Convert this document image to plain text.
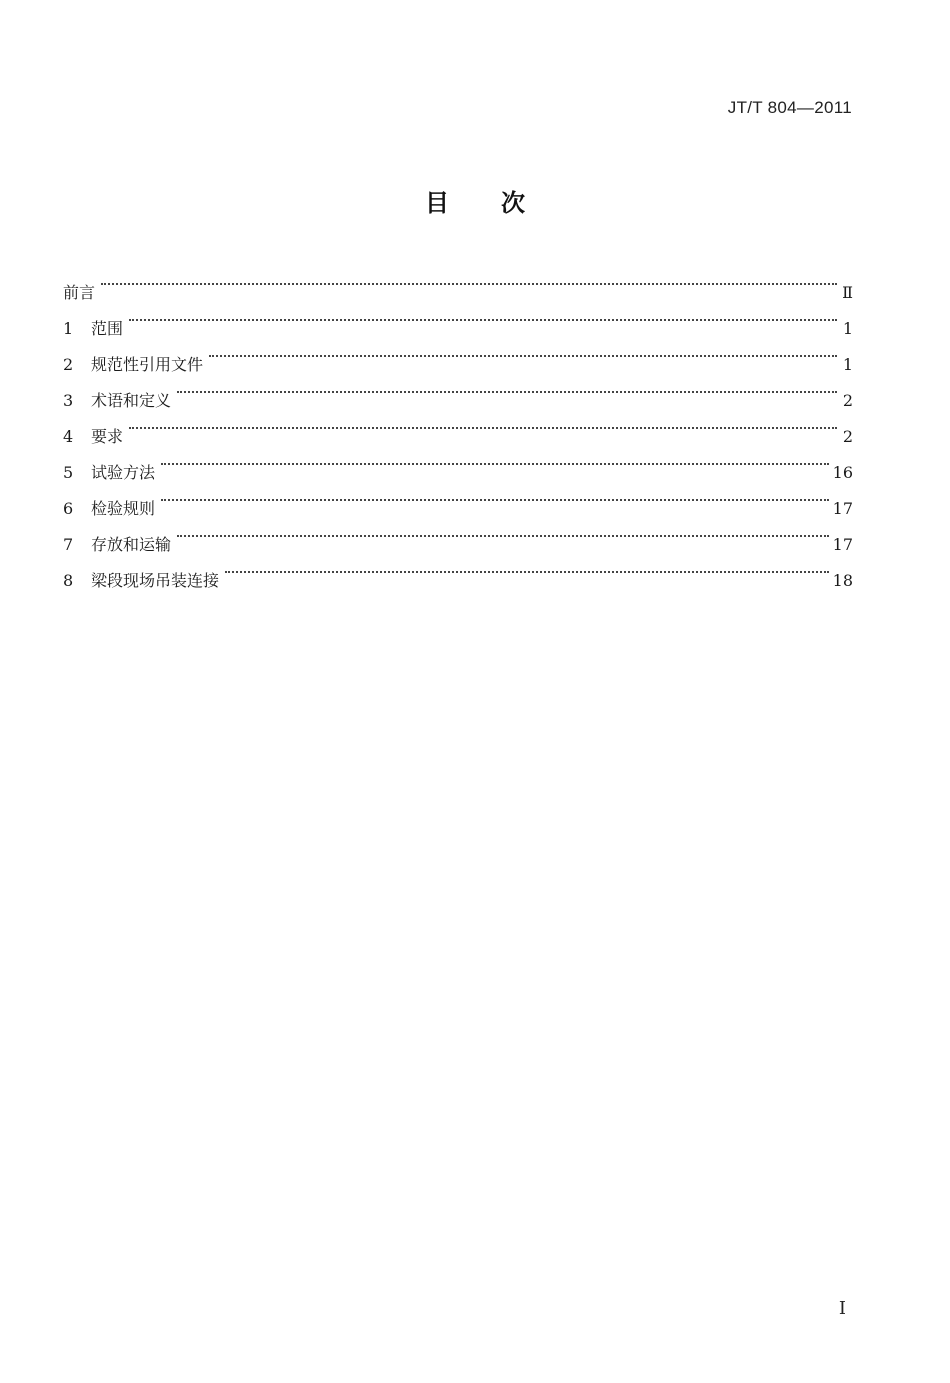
JT/T 804—2011
目次
前言	Ⅱ
1	范围	1
2	规范性引用文件	1
3	术语和定义	2
4	要求	2
5	试验方法	16
6	检验规则	17
7	存放和运输	17
8	梁段现场吊装连接	18
Ⅰ
